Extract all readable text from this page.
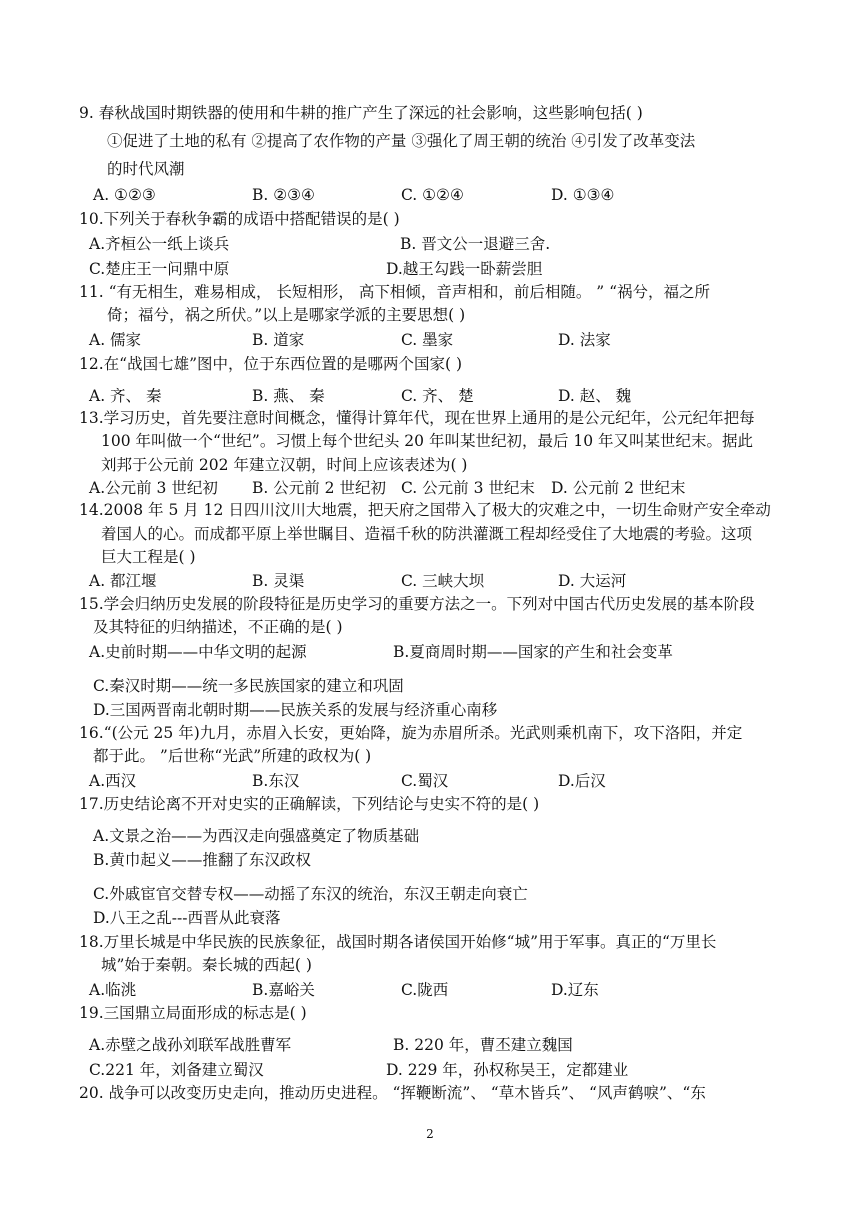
9. 春秋战国时期铁器的使用和牛耕的推广产生了深远的社会影响，这些影响包括( )
①促进了土地的私有 ②提高了农作物的产量 ③强化了周王朝的统治 ④引发了改革变法
的时代风潮
A. ①②③	B. ②③④	C. ①②④	D. ①③④
10.下列关于春秋争霸的成语中搭配错误的是( )
A.齐桓公一纸上谈兵	B. 晋文公一退避三舍.
C.楚庄王一问鼎中原	D.越王勾践一卧薪尝胆
11. “有无相生，难易相成， 长短相形， 高下相倾，音声相和，前后相随。 ” “祸兮，福之所
倚；福兮，祸之所伏。”以上是哪家学派的主要思想( )
A. 儒家	B. 道家	C. 墨家	D. 法家
12.在“战国七雄”图中，位于东西位置的是哪两个国家( )
A. 齐、 秦	B. 燕、 秦	C. 齐、 楚	D. 赵、 魏
13.学习历史，首先要注意时间概念，懂得计算年代，现在世界上通用的是公元纪年，公元纪年把每
100 年叫做一个“世纪”。习惯上每个世纪头 20 年叫某世纪初，最后 10 年又叫某世纪末。据此
刘邦于公元前 202 年建立汉朝，时间上应该表述为( )
A.公元前 3 世纪初 B. 公元前 2 世纪初 C. 公元前 3 世纪末 D. 公元前 2 世纪末
14.2008 年 5 月 12 日四川汶川大地震，把天府之国带入了极大的灾难之中，一切生命财产安全牵动
着国人的心。而成都平原上举世瞩目、造福千秋的防洪灌溉工程却经受住了大地震的考验。这项
巨大工程是( )
A. 都江堰	B. 灵渠	C. 三峡大坝	D. 大运河
15.学会归纳历史发展的阶段特征是历史学习的重要方法之一。下列对中国古代历史发展的基本阶段
及其特征的归纳描述，不正确的是( )
A.史前时期——中华文明的起源	B.夏商周时期——国家的产生和社会变革
C.秦汉时期——统一多民族国家的建立和巩固
D.三国两晋南北朝时期——民族关系的发展与经济重心南移
16.“(公元 25 年)九月，赤眉入长安，更始降，旋为赤眉所杀。光武则乘机南下，攻下洛阳，并定
都于此。 ”后世称“光武”所建的政权为( )
A.西汉	B.东汉	C.蜀汉	D.后汉
17.历史结论离不开对史实的正确解读，下列结论与史实不符的是( )
A.文景之治——为西汉走向强盛奠定了物质基础
B.黄巾起义——推翻了东汉政权
C.外戚宦官交替专权——动摇了东汉的统治，东汉王朝走向衰亡
D.八王之乱---西晋从此衰落
18.万里长城是中华民族的民族象征，战国时期各诸侯国开始修“城”用于军事。真正的“万里长
城”始于秦朝。秦长城的西起( )
A.临洮	B.嘉峪关	C.陇西	D.辽东
19.三国鼎立局面形成的标志是( )
A.赤壁之战孙刘联军战胜曹军	B. 220 年，曹丕建立魏国
C.221 年，刘备建立蜀汉	D. 229 年，孙权称吴王，定都建业
20. 战争可以改变历史走向，推动历史进程。 “挥鞭断流”、 “草木皆兵”、 “风声鹤唳”、“东
2
